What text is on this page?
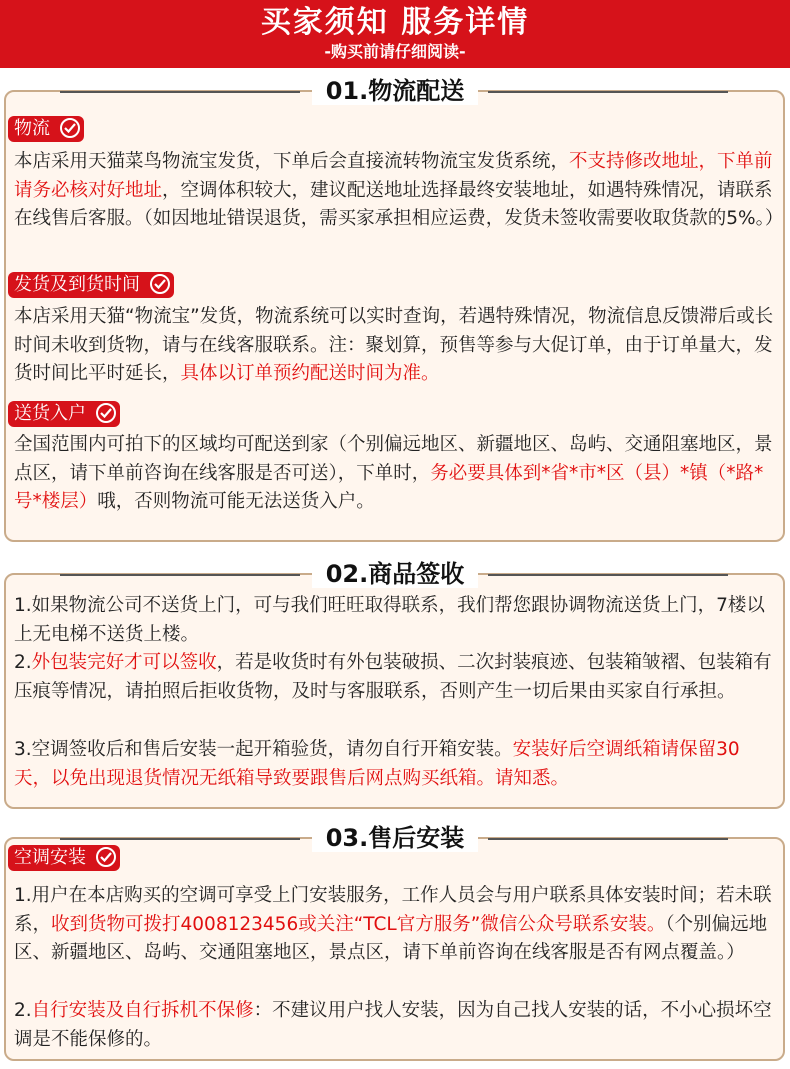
买家须知 服务详情
-购买前请仔细阅读-
01.物流配送
物流
本店采用天猫菜鸟物流宝发货，下单后会直接流转物流宝发货系统，不支持修改地址，下单前请务必核对好地址，空调体积较大，建议配送地址选择最终安装地址，如遇特殊情况，请联系在线售后客服。（如因地址错误退货，需买家承担相应运费，发货未签收需要收取货款的5%。）
发货及到货时间
本店采用天猫“物流宝”发货，物流系统可以实时查询，若遇特殊情况，物流信息反馈滞后或长时间未收到货物，请与在线客服联系。注：聚划算，预售等参与大促订单，由于订单量大，发货时间比平时延长，具体以订单预约配送时间为准。
送货入户
全国范围内可拍下的区域均可配送到家（个别偏远地区、新疆地区、岛屿、交通阻塞地区，景点区，请下单前咨询在线客服是否可送），下单时，务必要具体到*省*市*区（县）*镇（*路*号*楼层）哦，否则物流可能无法送货入户。
02.商品签收
1.如果物流公司不送货上门，可与我们旺旺取得联系，我们帮您跟协调物流送货上门，7楼以上无电梯不送货上楼。
2.外包装完好才可以签收，若是收货时有外包装破损、二次封装痕迹、包装箱皱褶、包装箱有压痕等情况，请拍照后拒收货物，及时与客服联系，否则产生一切后果由买家自行承担。
3.空调签收后和售后安装一起开箱验货，请勿自行开箱安装。安装好后空调纸箱请保留30天，以免出现退货情况无纸箱导致要跟售后网点购买纸箱。请知悉。
03.售后安装
空调安装
1.用户在本店购买的空调可享受上门安装服务，工作人员会与用户联系具体安装时间；若未联系，收到货物可拨打4008123456或关注“TCL官方服务”微信公众号联系安装。（个别偏远地区、新疆地区、岛屿、交通阻塞地区，景点区，请下单前咨询在线客服是否有网点覆盖。）
2.自行安装及自行拆机不保修：不建议用户找人安装，因为自己找人安装的话，不小心损坏空调是不能保修的。
